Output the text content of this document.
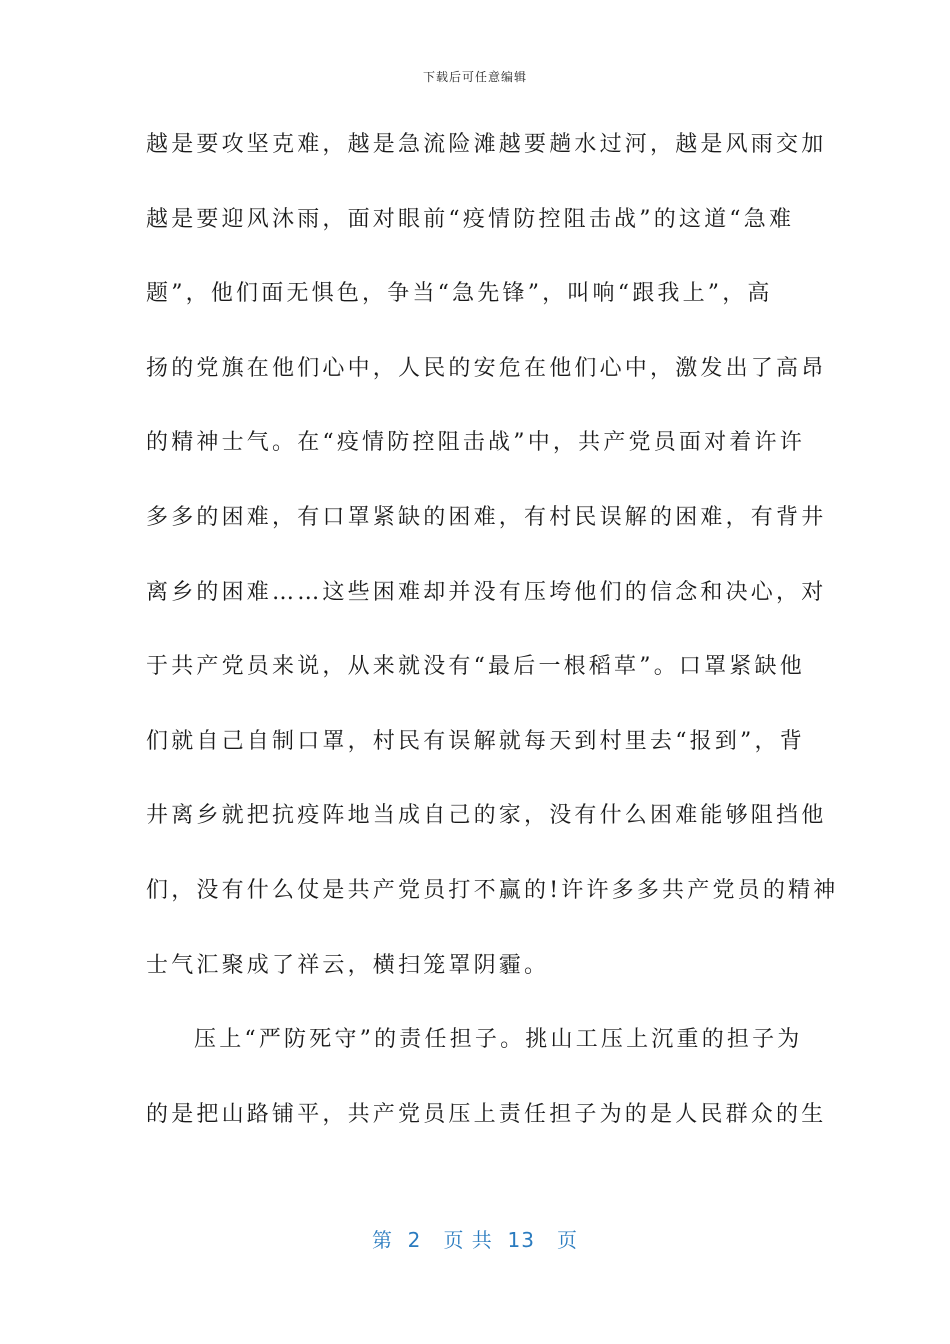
下载后可任意编辑
越是要攻坚克难，越是急流险滩越要趟水过河，越是风雨交加
越是要迎风沐雨，面对眼前“疫情防控阻击战”的这道“急难
题”，他们面无惧色，争当“急先锋”，叫响“跟我上”，高
扬的党旗在他们心中，人民的安危在他们心中，激发出了高昂
的精神士气。在“疫情防控阻击战”中，共产党员面对着许许
多多的困难，有口罩紧缺的困难，有村民误解的困难，有背井
离乡的困难……这些困难却并没有压垮他们的信念和决心，对
于共产党员来说，从来就没有“最后一根稻草”。口罩紧缺他
们就自己自制口罩，村民有误解就每天到村里去“报到”，背
井离乡就把抗疫阵地当成自己的家，没有什么困难能够阻挡他
们，没有什么仗是共产党员打不赢的!许许多多共产党员的精神
士气汇聚成了祥云，横扫笼罩阴霾。
压上“严防死守”的责任担子。挑山工压上沉重的担子为
的是把山路铺平，共产党员压上责任担子为的是人民群众的生
第  2   页 共  13   页
